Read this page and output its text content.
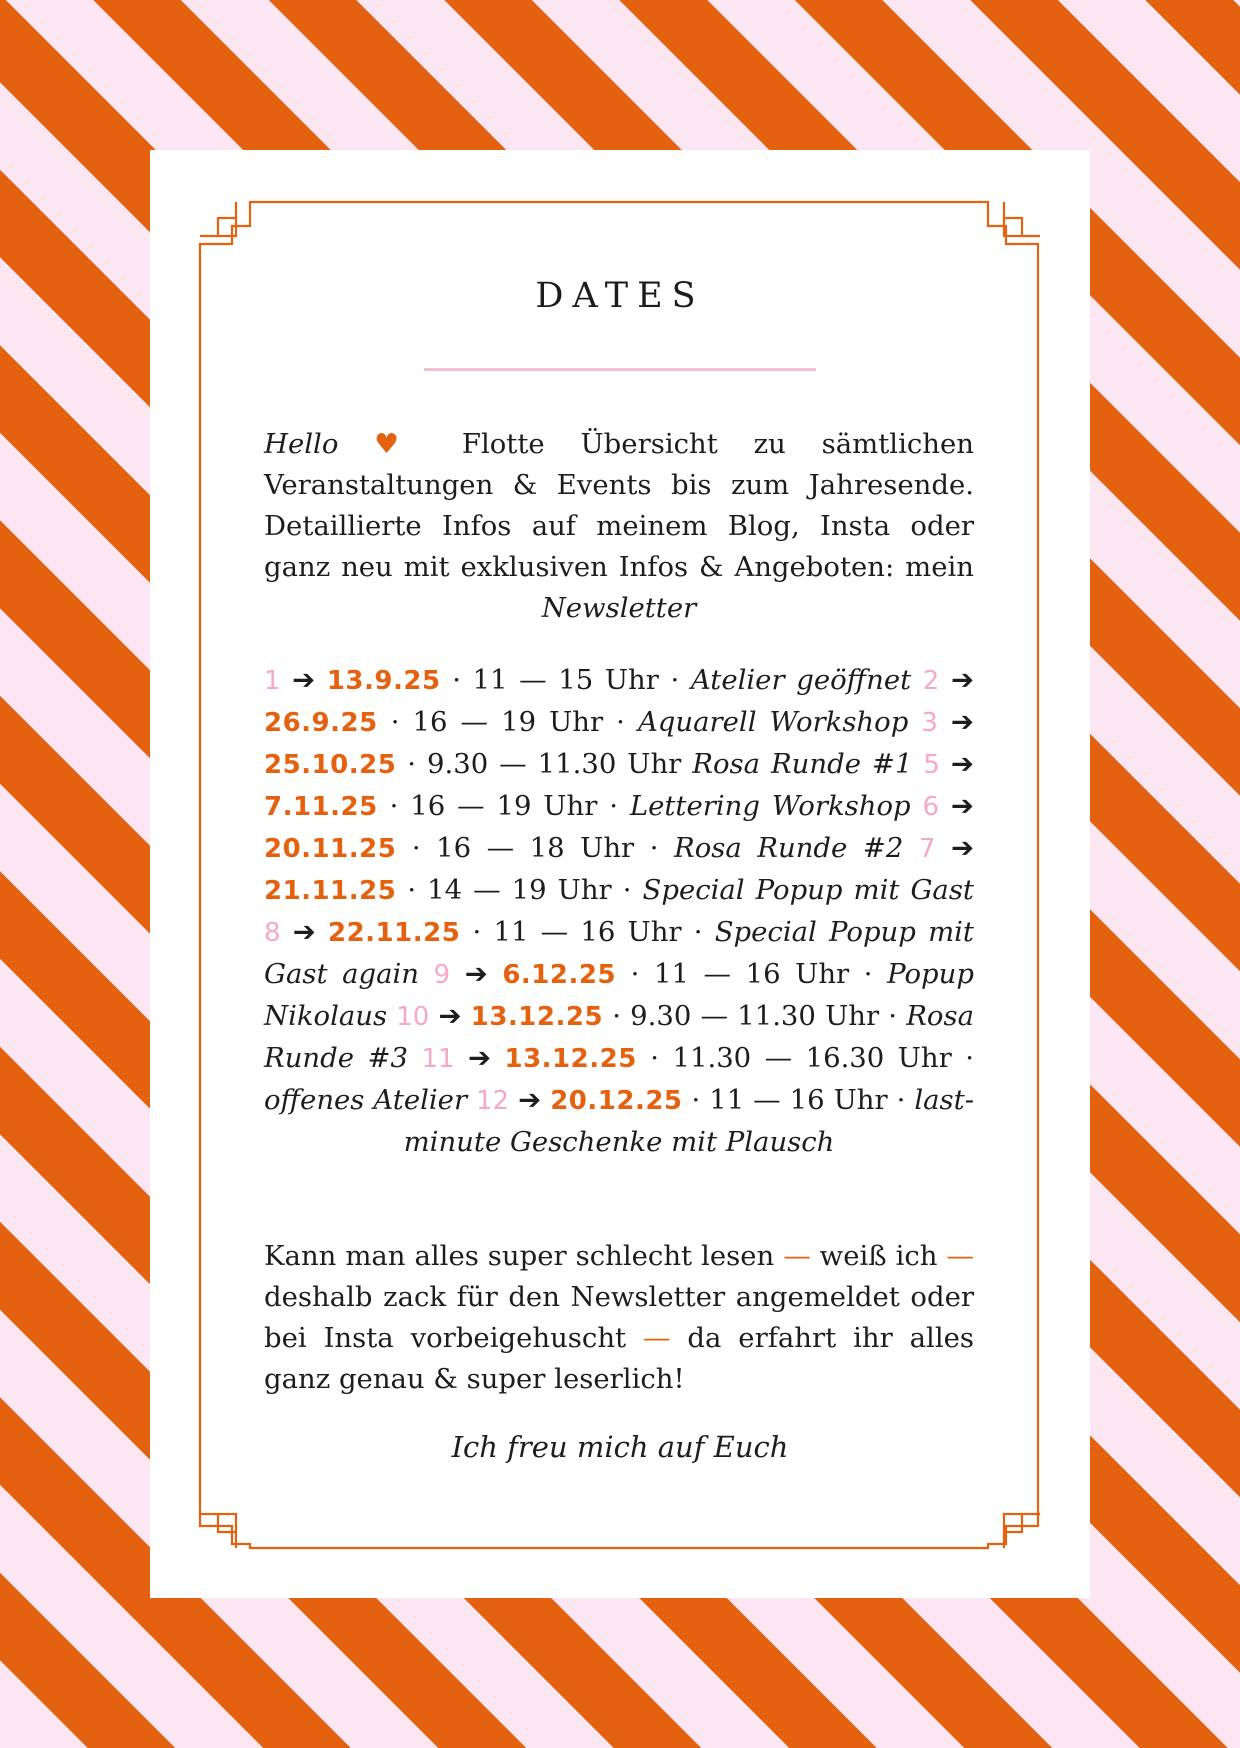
DATES

Hello ♥ Flotte Übersicht zu sämtlichen Veranstaltungen & Events bis zum Jahresende. Detaillierte Infos auf meinem Blog, Insta oder ganz neu mit exklusiven Infos & Angeboten: mein Newsletter

1 ➔ 13.9.25 · 11 — 15 Uhr · Atelier geöffnet 2 ➔ 26.9.25 · 16 — 19 Uhr · Aquarell Workshop 3 ➔ 25.10.25 · 9.30 — 11.30 Uhr Rosa Runde #1 5 ➔ 7.11.25 · 16 — 19 Uhr · Lettering Workshop 6 ➔ 20.11.25 · 16 — 18 Uhr · Rosa Runde #2 7 ➔ 21.11.25 · 14 — 19 Uhr · Special Popup mit Gast 8 ➔ 22.11.25 · 11 — 16 Uhr · Special Popup mit Gast again 9 ➔ 6.12.25 · 11 — 16 Uhr · Popup Nikolaus 10 ➔ 13.12.25 · 9.30 — 11.30 Uhr · Rosa Runde #3 11 ➔ 13.12.25 · 11.30 — 16.30 Uhr · offenes Atelier 12 ➔ 20.12.25 · 11 — 16 Uhr · last-minute Geschenke mit Plausch

Kann man alles super schlecht lesen — weiß ich — deshalb zack für den Newsletter angemeldet oder bei Insta vorbeigehuscht — da erfahrt ihr alles ganz genau & super leserlich!

Ich freu mich auf Euch
